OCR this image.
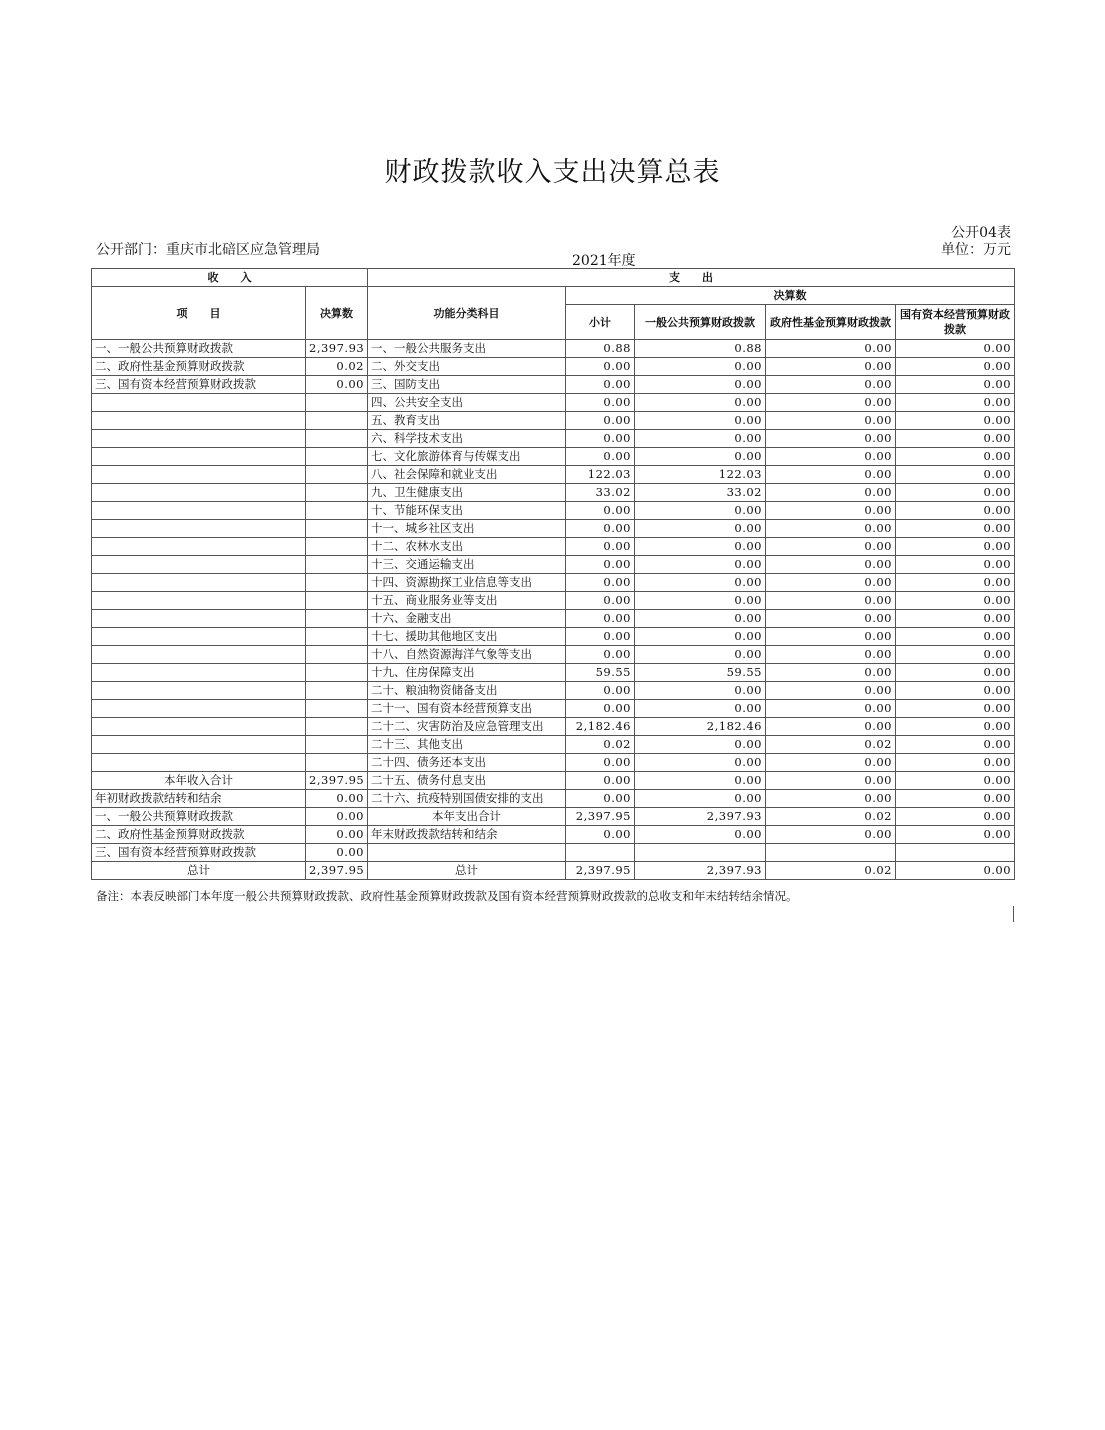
财政拨款收入支出决算总表
公开04表
公开部门：重庆市北碚区应急管理局
2021年度
单位：万元
收　　入		支　　出				
项　　目	决算数	功能分类科目	决算数			
			小计	一般公共预算财政拨款	政府性基金预算财政拨款	国有资本经营预算财政拨款
一、一般公共预算财政拨款	2,397.93	一、一般公共服务支出	0.88	0.88	0.00	0.00
二、政府性基金预算财政拨款	0.02	二、外交支出	0.00	0.00	0.00	0.00
三、国有资本经营预算财政拨款	0.00	三、国防支出	0.00	0.00	0.00	0.00
		四、公共安全支出	0.00	0.00	0.00	0.00
		五、教育支出	0.00	0.00	0.00	0.00
		六、科学技术支出	0.00	0.00	0.00	0.00
		七、文化旅游体育与传媒支出	0.00	0.00	0.00	0.00
		八、社会保障和就业支出	122.03	122.03	0.00	0.00
		九、卫生健康支出	33.02	33.02	0.00	0.00
		十、节能环保支出	0.00	0.00	0.00	0.00
		十一、城乡社区支出	0.00	0.00	0.00	0.00
		十二、农林水支出	0.00	0.00	0.00	0.00
		十三、交通运输支出	0.00	0.00	0.00	0.00
		十四、资源勘探工业信息等支出	0.00	0.00	0.00	0.00
		十五、商业服务业等支出	0.00	0.00	0.00	0.00
		十六、金融支出	0.00	0.00	0.00	0.00
		十七、援助其他地区支出	0.00	0.00	0.00	0.00
		十八、自然资源海洋气象等支出	0.00	0.00	0.00	0.00
		十九、住房保障支出	59.55	59.55	0.00	0.00
		二十、粮油物资储备支出	0.00	0.00	0.00	0.00
		二十一、国有资本经营预算支出	0.00	0.00	0.00	0.00
		二十二、灾害防治及应急管理支出	2,182.46	2,182.46	0.00	0.00
		二十三、其他支出	0.02	0.00	0.02	0.00
		二十四、债务还本支出	0.00	0.00	0.00	0.00
本年收入合计	2,397.95	二十五、债务付息支出	0.00	0.00	0.00	0.00
年初财政拨款结转和结余	0.00	二十六、抗疫特别国债安排的支出	0.00	0.00	0.00	0.00
一、一般公共预算财政拨款	0.00	本年支出合计	2,397.95	2,397.93	0.02	0.00
二、政府性基金预算财政拨款	0.00	年末财政拨款结转和结余	0.00	0.00	0.00	0.00
三、国有资本经营预算财政拨款	0.00					
总计	2,397.95	总计	2,397.95	2,397.93	0.02	0.00
备注：本表反映部门本年度一般公共预算财政拨款、政府性基金预算财政拨款及国有资本经营预算财政拨款的总收支和年末结转结余情况。
